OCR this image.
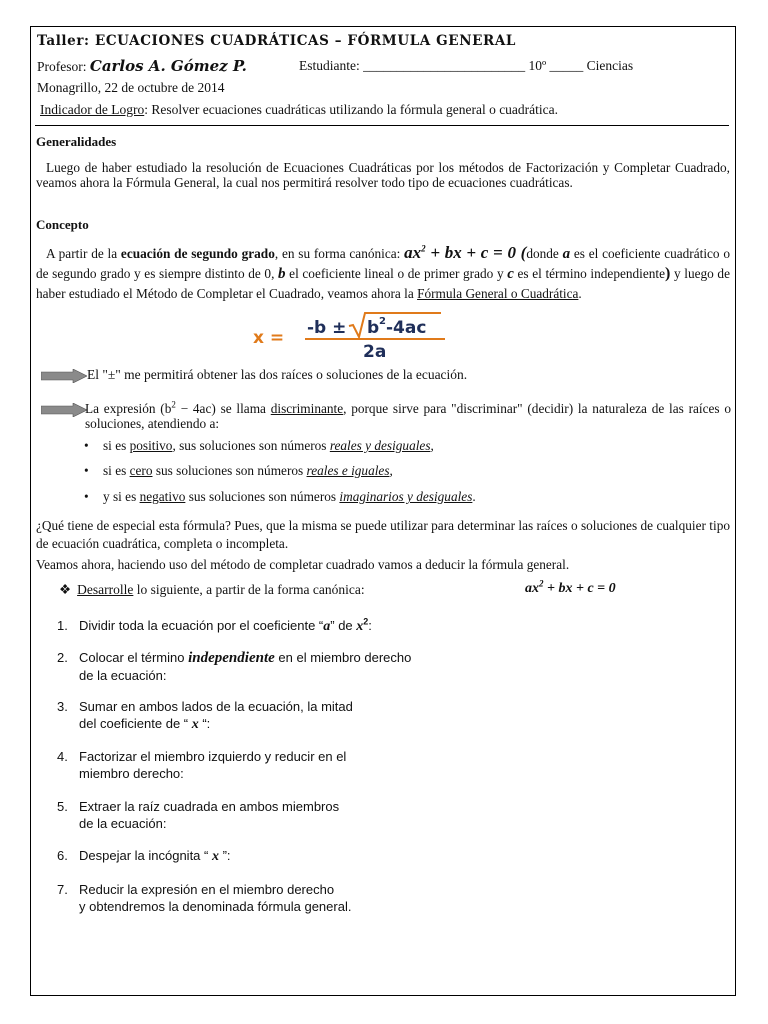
Taller: ECUACIONES CUADRÁTICAS – FÓRMULA GENERAL
Profesor: Carlos A. Gómez P.	Estudiante: ________________________ 10º _____ Ciencias
Monagrillo, 22 de octubre de 2014
Indicador de Logro: Resolver ecuaciones cuadráticas utilizando la fórmula general o cuadrática.
Generalidades
Luego de haber estudiado la resolución de Ecuaciones Cuadráticas por los métodos de Factorización y Completar Cuadrado, veamos ahora la Fórmula General, la cual nos permitirá resolver todo tipo de ecuaciones cuadráticas.
Concepto
A partir de la ecuación de segundo grado, en su forma canónica: $ax^2$ + bx + c = 0 (donde a es el coeficiente cuadrático o de segundo grado y es siempre distinto de 0, b el coeficiente lineal o de primer grado y c es el término independiente) y luego de haber estudiado el Método de Completar el Cuadrado, veamos ahora la Fórmula General o Cuadrática.
x = -b ± b 2 -4ac
2a
El "±" me permitirá obtener las dos raíces o soluciones de la ecuación.
La expresión $(b^2 - 4ac)$ se llama discriminante, porque sirve para "discriminar" (decidir) la naturaleza de las raíces o soluciones, atendiendo a:
• si es positivo, sus soluciones son números reales y desiguales,
• si es cero sus soluciones son números reales e iguales,
• y si es negativo sus soluciones son números imaginarios y desiguales.
¿Qué tiene de especial esta fórmula? Pues, que la misma se puede utilizar para determinar las raíces o soluciones de cualquier tipo de ecuación cuadrática, completa o incompleta.
Veamos ahora, haciendo uso del método de completar cuadrado vamos a deducir la fórmula general.
❖ Desarrolle lo siguiente, a partir de la forma canónica:	$ax^2$ + bx + c = 0
1. Dividir toda la ecuación por el coeficiente “a” de $x^2$:
2. Colocar el término independiente en el miembro derecho
de la ecuación:
3. Sumar en ambos lados de la ecuación, la mitad
del coeficiente de “ x “:
4. Factorizar el miembro izquierdo y reducir en el
miembro derecho:
5. Extraer la raíz cuadrada en ambos miembros
de la ecuación:
6. Despejar la incógnita “ x ”:
7. Reducir la expresión en el miembro derecho
y obtendremos la denominada fórmula general.
